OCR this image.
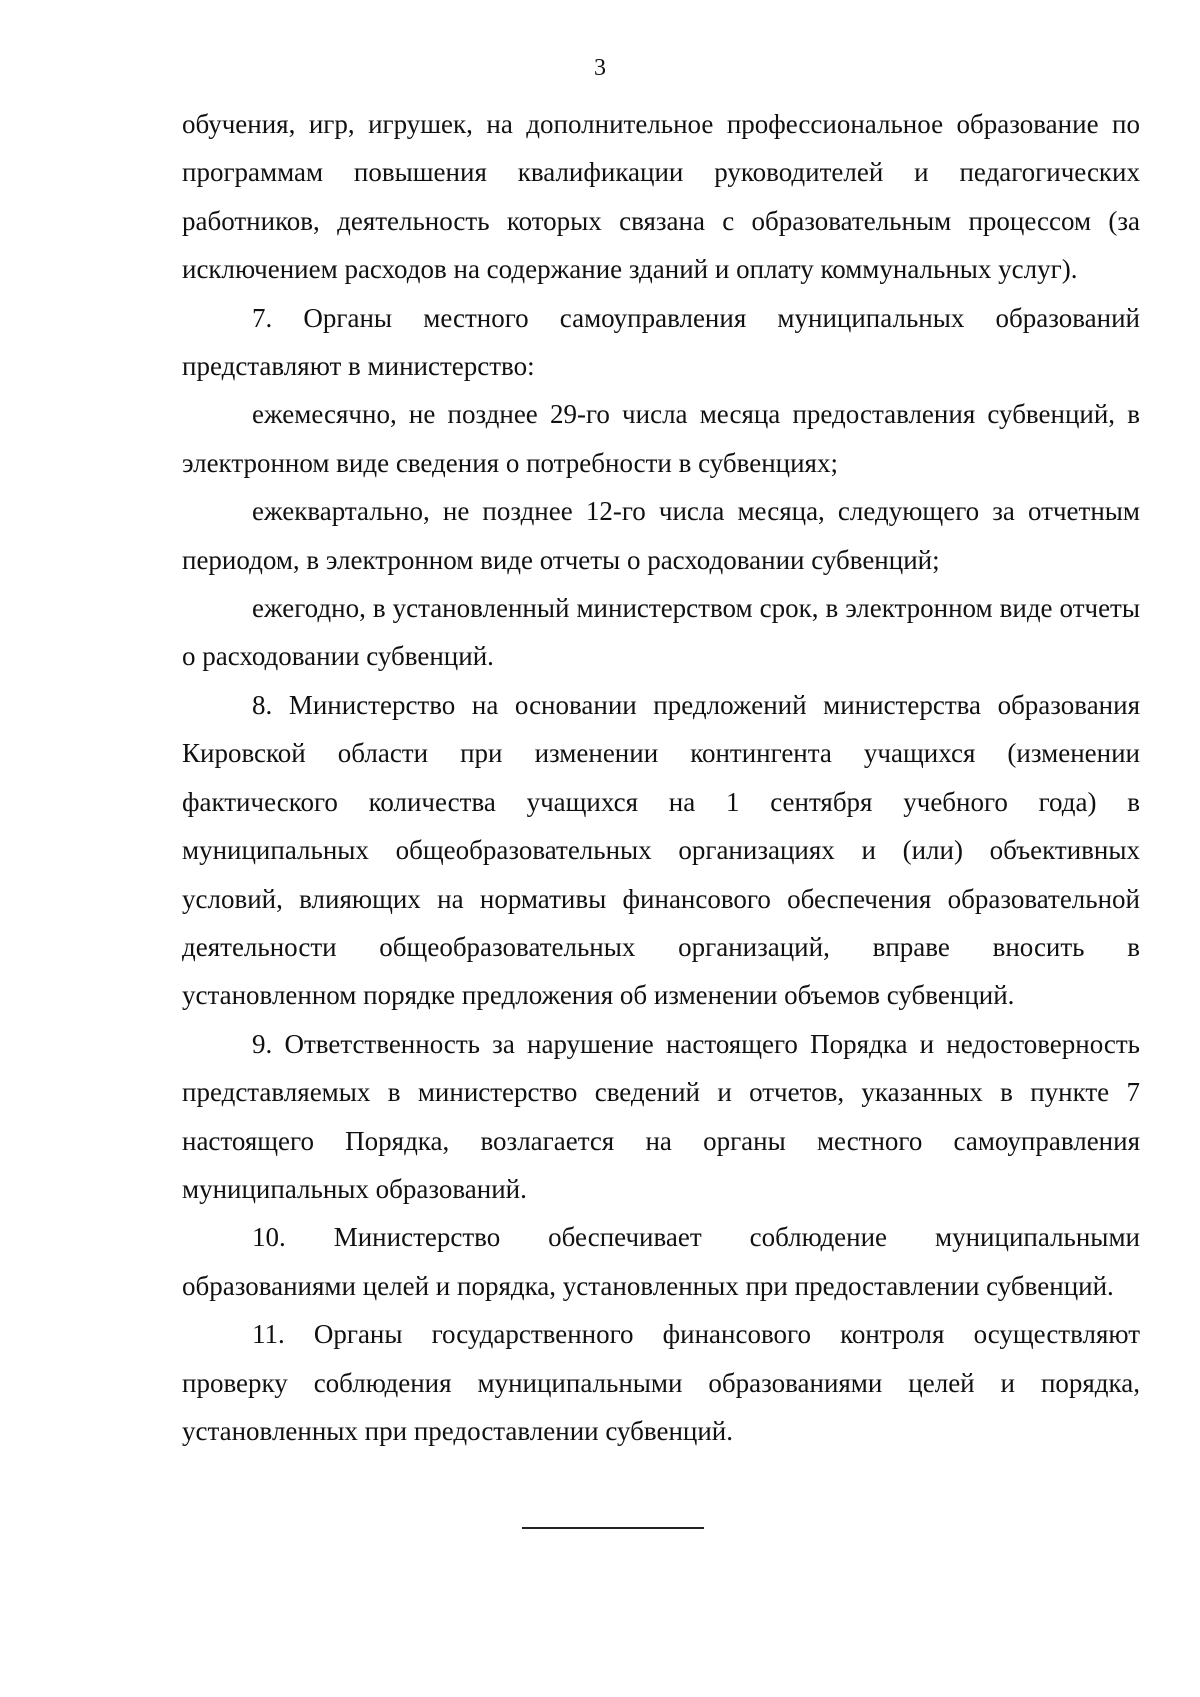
3

обучения, игр, игрушек, на дополнительное профессиональное образование по программам повышения квалификации руководителей и педагогических работников, деятельность которых связана с образовательным процессом (за исключением расходов на содержание зданий и оплату коммунальных услуг).

7. Органы местного самоуправления муниципальных образований представляют в министерство:

ежемесячно, не позднее 29-го числа месяца предоставления субвенций, в электронном виде сведения о потребности в субвенциях;

ежеквартально, не позднее 12-го числа месяца, следующего за отчетным периодом, в электронном виде отчеты о расходовании субвенций;

ежегодно, в установленный министерством срок, в электронном виде отчеты о расходовании субвенций.

8. Министерство на основании предложений министерства образования Кировской области при изменении контингента учащихся (изменении фактического количества учащихся на 1 сентября учебного года) в муниципальных общеобразовательных организациях и (или) объективных условий, влияющих на нормативы финансового обеспечения образовательной деятельности общеобразовательных организаций, вправе вносить в установленном порядке предложения об изменении объемов субвенций.

9. Ответственность за нарушение настоящего Порядка и недостоверность представляемых в министерство сведений и отчетов, указанных в пункте 7 настоящего Порядка, возлагается на органы местного самоуправления муниципальных образований.

10. Министерство обеспечивает соблюдение муниципальными образованиями целей и порядка, установленных при предоставлении субвенций.

11. Органы государственного финансового контроля осуществляют проверку соблюдения муниципальными образованиями целей и порядка, установленных при предоставлении субвенций.
